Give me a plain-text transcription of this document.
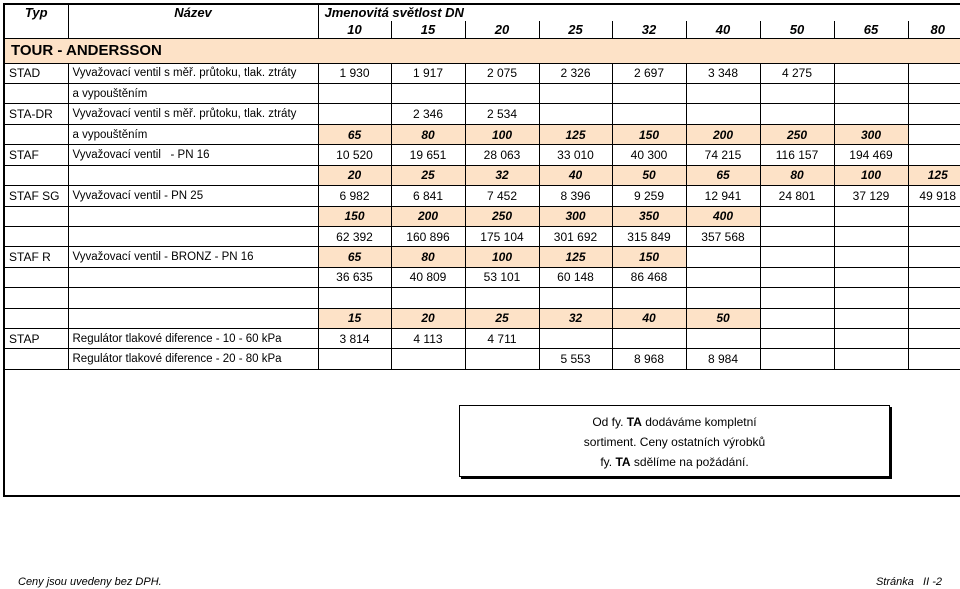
Typ	Název	Jmenovitá světlost DN								
		10	15	20	25	32	40	50	65	80
TOUR - ANDERSSON										
STAD	Vyvažovací ventil s měř. průtoku, tlak. ztráty	1 930	1 917	2 075	2 326	2 697	3 348	4 275		
	a vypouštěním									
STA-DR	Vyvažovací ventil s měř. průtoku, tlak. ztráty		2 346	2 534						
	a vypouštěním	65	80	100	125	150	200	250	300	
STAF	Vyvažovací ventil   - PN 16	10 520	19 651	28 063	33 010	40 300	74 215	116 157	194 469	
		20	25	32	40	50	65	80	100	125
STAF SG	Vyvažovací ventil - PN 25	6 982	6 841	7 452	8 396	9 259	12 941	24 801	37 129	49 918
		150	200	250	300	350	400			
		62 392	160 896	175 104	301 692	315 849	357 568			
STAF R	Vyvažovací ventil - BRONZ - PN 16	65	80	100	125	150				
		36 635	40 809	53 101	60 148	86 468				

		15	20	25	32	40	50			
STAP	Regulátor tlakové diference - 10 - 60 kPa	3 814	4 113	4 711						
	Regulátor tlakové diference - 20 - 80 kPa				5 553	8 968	8 984			

Od fy. TA dodáváme kompletní
sortiment. Ceny ostatních výrobků
fy. TA sdělíme na požádání.
Ceny jsou uvedeny bez DPH.	Stránka   II -2
